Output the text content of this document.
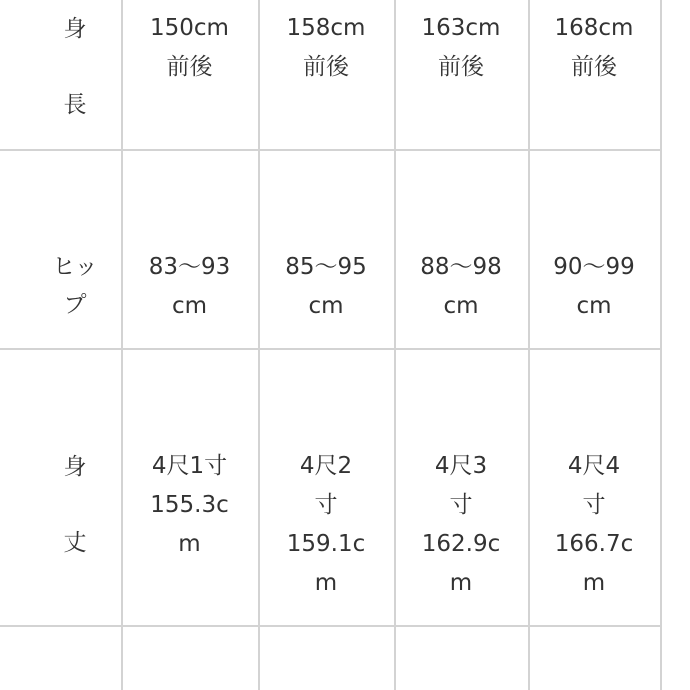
身

長
150cm
前後
158cm
前後
163cm
前後
168cm
前後
ヒッ
プ
83〜93
cm
85〜95
cm
88〜98
cm
90〜99
cm
身

丈
4尺1寸
155.3c
m
4尺2
寸
159.1c
m
4尺3
寸
162.9c
m
4尺4
寸
166.7c
m
